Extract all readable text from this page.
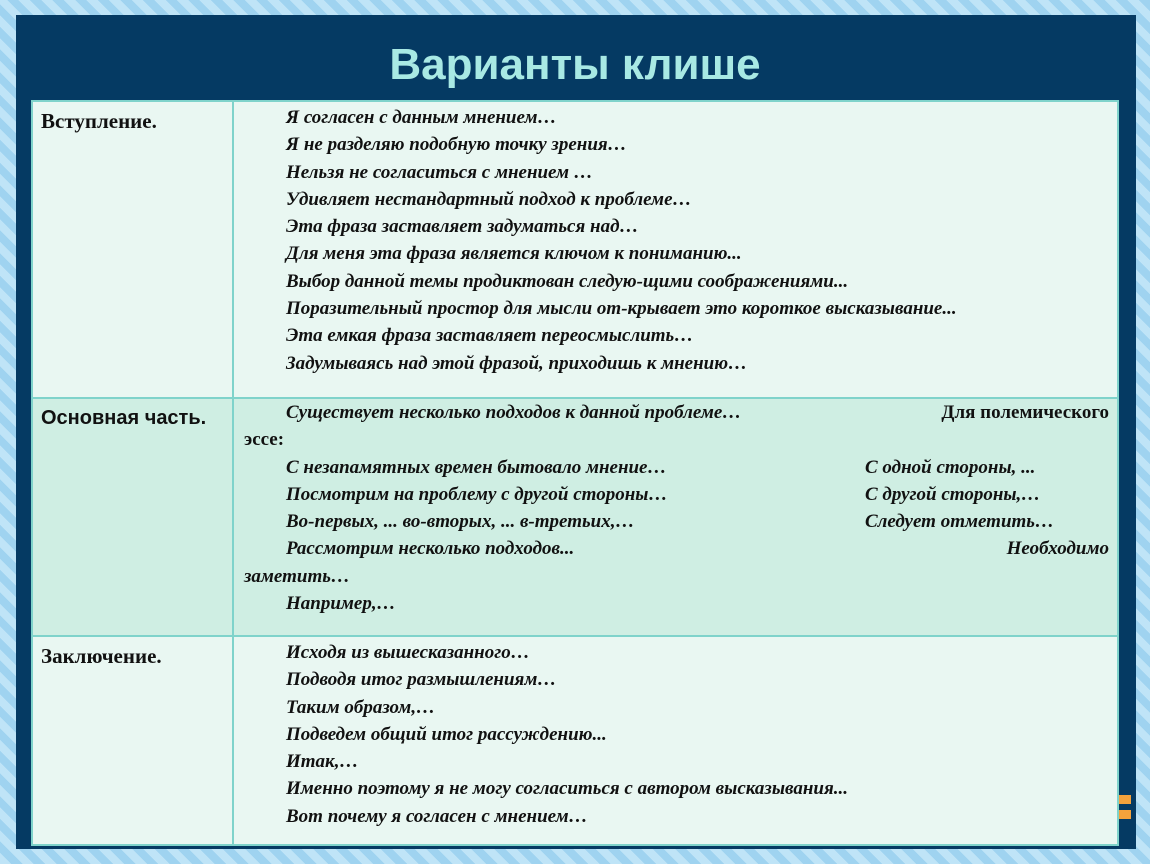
Варианты клише
Вступление.	Я согласен с данным мнением…
Я не разделяю подобную точку зрения…
Нельзя не согласиться с мнением …
Удивляет нестандартный подход к проблеме…
Эта фраза заставляет задуматься над…
Для меня эта фраза является ключом к пониманию...
Выбор данной темы продиктован следую-щими соображениями...
Поразительный простор для мысли от-крывает это короткое высказывание...
Эта емкая фраза заставляет переосмыслить…
Задумываясь над этой фразой, приходишь к мнению…
Основная часть.	Существует несколько подходов к данной проблеме…	Для полемического
эссе:
С незапамятных времен бытовало мнение…	С одной стороны, ...
Посмотрим на проблему с другой стороны…	С другой стороны,…
Во-первых, ... во-вторых, ... в-третьих,…	Следует отметить…
Рассмотрим несколько подходов...	Необходимо
заметить…
Например,…
Заключение.	Исходя из вышесказанного…
Подводя итог размышлениям…
Таким образом,…
Подведем общий итог рассуждению...
Итак,…
Именно поэтому я не могу согласиться с автором высказывания...
Вот почему я согласен с мнением…
